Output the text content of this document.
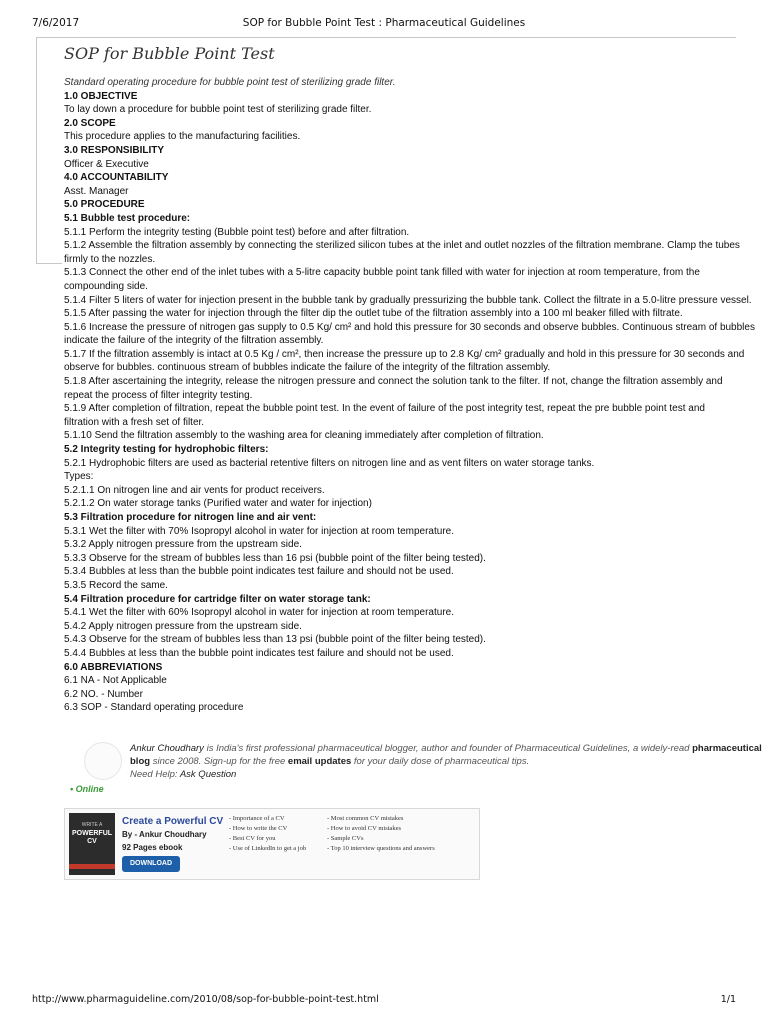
7/6/2017	SOP for Bubble Point Test : Pharmaceutical Guidelines
SOP for Bubble Point Test
Standard operating procedure for bubble point test of sterilizing grade filter.
1.0 OBJECTIVE
To lay down a procedure for bubble point test of sterilizing grade filter.
2.0 SCOPE
This procedure applies to the manufacturing facilities.
3.0 RESPONSIBILITY
Officer & Executive
4.0 ACCOUNTABILITY
Asst. Manager
5.0 PROCEDURE
5.1 Bubble test procedure:
5.1.1 Perform the integrity testing (Bubble point test) before and after filtration.
5.1.2 Assemble the filtration assembly by connecting the sterilized silicon tubes at the inlet and outlet nozzles of the filtration membrane. Clamp the tubes
firmly to the nozzles.
5.1.3 Connect the other end of the inlet tubes with a 5-litre capacity bubble point tank filled with water for injection at room temperature, from the
compounding side.
5.1.4 Filter 5 liters of water for injection present in the bubble tank by gradually pressurizing the bubble tank. Collect the filtrate in a 5.0-litre pressure vessel.
5.1.5 After passing the water for injection through the filter dip the outlet tube of the filtration assembly into a 100 ml beaker filled with filtrate.
5.1.6 Increase the pressure of nitrogen gas supply to 0.5 Kg/ cm² and hold this pressure for 30 seconds and observe bubbles. Continuous stream of bubbles
indicate the failure of the integrity of the filtration assembly.
5.1.7 If the filtration assembly is intact at 0.5 Kg / cm², then increase the pressure up to 2.8 Kg/ cm² gradually and hold in this pressure for 30 seconds and
observe for bubbles. continuous stream of bubbles indicate the failure of the integrity of the filtration assembly.
5.1.8 After ascertaining the integrity, release the nitrogen pressure and connect the solution tank to the filter. If not, change the filtration assembly and
repeat the process of filter integrity testing.
5.1.9 After completion of filtration, repeat the bubble point test. In the event of failure of the post integrity test, repeat the pre bubble point test and
filtration with a fresh set of filter.
5.1.10 Send the filtration assembly to the washing area for cleaning immediately after completion of filtration.
5.2 Integrity testing for hydrophobic filters:
5.2.1 Hydrophobic filters are used as bacterial retentive filters on nitrogen line and as vent filters on water storage tanks.
Types:
5.2.1.1 On nitrogen line and air vents for product receivers.
5.2.1.2 On water storage tanks (Purified water and water for injection)
5.3 Filtration procedure for nitrogen line and air vent:
5.3.1 Wet the filter with 70% Isopropyl alcohol in water for injection at room temperature.
5.3.2 Apply nitrogen pressure from the upstream side.
5.3.3 Observe for the stream of bubbles less than 16 psi (bubble point of the filter being tested).
5.3.4 Bubbles at less than the bubble point indicates test failure and should not be used.
5.3.5 Record the same.
5.4 Filtration procedure for cartridge filter on water storage tank:
5.4.1 Wet the filter with 60% Isopropyl alcohol in water for injection at room temperature.
5.4.2 Apply nitrogen pressure from the upstream side.
5.4.3 Observe for the stream of bubbles less than 13 psi (bubble point of the filter being tested).
5.4.4 Bubbles at less than the bubble point indicates test failure and should not be used.
6.0 ABBREVIATIONS
6.1 NA - Not Applicable
6.2 NO. - Number
6.3 SOP - Standard operating procedure
• Online
Ankur Choudhary is India's first professional pharmaceutical blogger, author and founder of Pharmaceutical Guidelines, a widely-read pharmaceutical
blog since 2008. Sign-up for the free email updates for your daily dose of pharmaceutical tips.
Need Help: Ask Question
WRITE A
POWERFUL CV
Create a Powerful CV
By - Ankur Choudhary
92 Pages ebook
DOWNLOAD
- Importance of a CV
- How to write the CV
- Best CV for you
- Use of LinkedIn to get a job
- Most common CV mistakes
- How to avoid CV mistakes
- Sample CVs
- Top 10 interview questions and answers
http://www.pharmaguideline.com/2010/08/sop-for-bubble-point-test.html	1/1
